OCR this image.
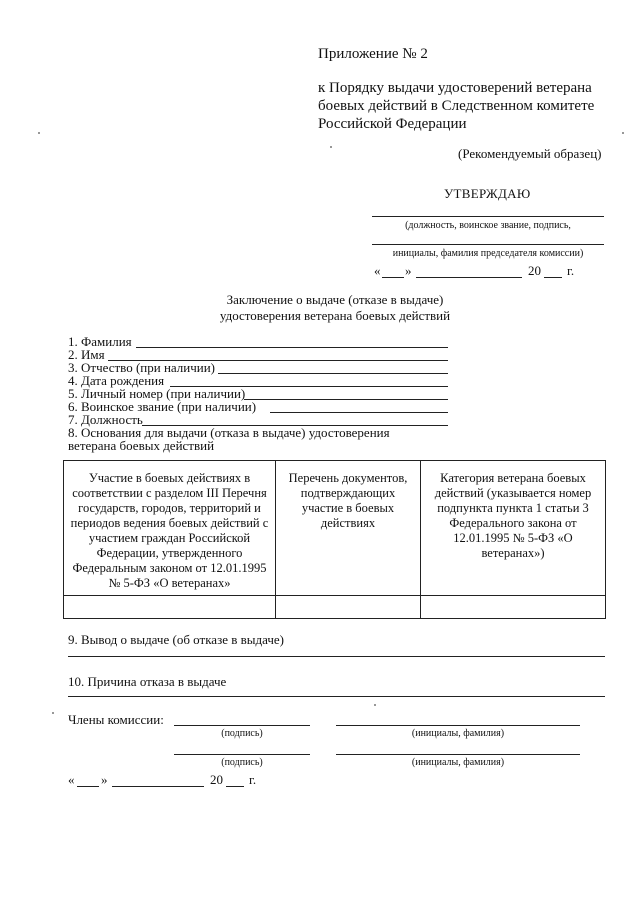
Приложение № 2
к Порядку выдачи удостоверений ветерана
боевых действий в Следственном комитете
Российской Федерации
(Рекомендуемый образец)
УТВЕРЖДАЮ
(должность, воинское звание, подпись,
инициалы, фамилия председателя комиссии)
« »	20 г.
Заключение о выдаче (отказе в выдаче)
удостоверения ветерана боевых действий
1. Фамилия
2. Имя
3. Отчество (при наличии)
4. Дата рождения
5. Личный номер (при наличии)
6. Воинское звание (при наличии)
7. Должность
8. Основания для выдачи (отказа в выдаче) удостоверения
ветерана боевых действий
Участие в боевых действиях в соответствии с разделом III Перечня государств, городов, территорий и периодов ведения боевых действий с участием граждан Российской Федерации, утвержденного Федеральным законом от 12.01.1995 № 5-ФЗ «О ветеранах»	Перечень документов, подтверждающих участие в боевых действиях	Категория ветерана боевых действий (указывается номер подпункта пункта 1 статьи 3 Федерального закона от 12.01.1995 № 5-ФЗ «О ветеранах»)

9. Вывод о выдаче (об отказе в выдаче)
10. Причина отказа в выдаче
Члены комиссии:
(подпись)	(инициалы, фамилия)
(подпись)	(инициалы, фамилия)
« »	20 г.
